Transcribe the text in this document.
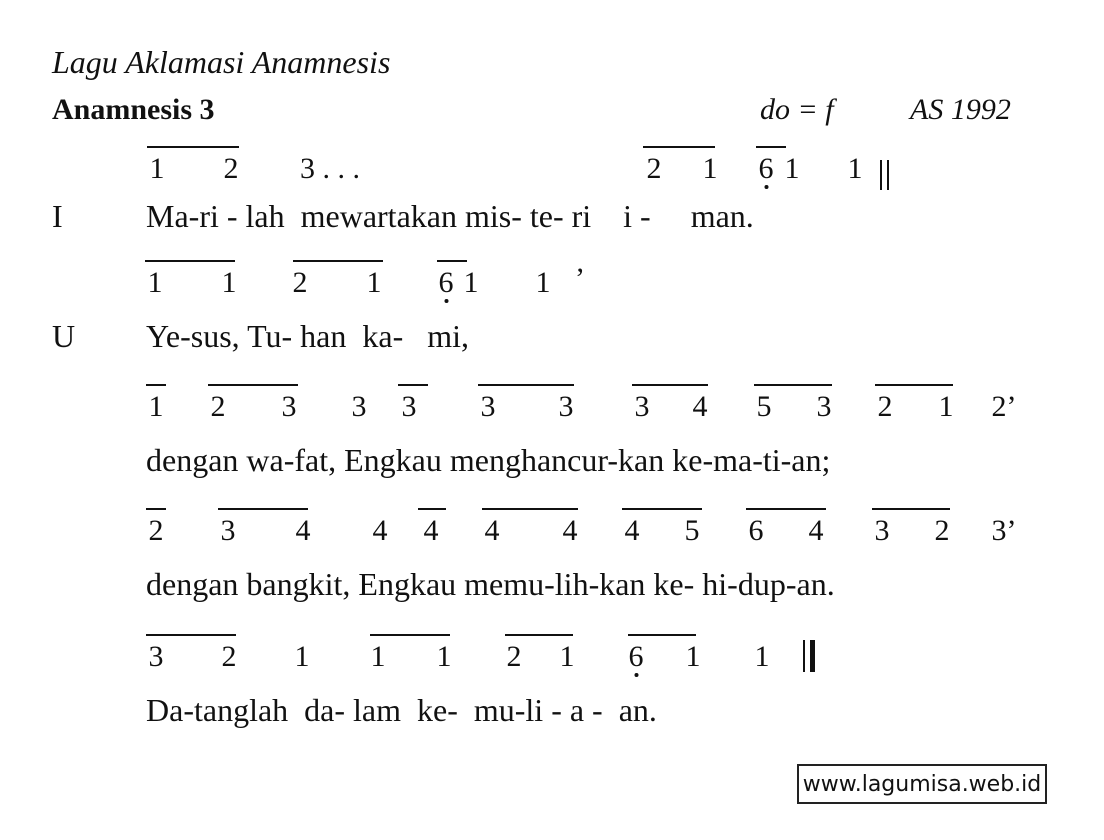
Lagu Aklamasi Anamnesis
Anamnesis 3	do = f	AS 1992
1 2 3 . . .	2 1 6 1 1
I	Ma-ri - lah  mewartakan mis- te- ri    i -     man.
1 1 2 1 6 1 1 ’
U Ye-sus, Tu- han  ka-   mi,
1 2 3 3 3 3 3 3 4 5 3 2 1 2’
dengan wa-fat, Engkau menghancur-kan ke-ma-ti-an;
2 3 4 4 4 4 4 4 5 6 4 3 2 3’
dengan bangkit, Engkau memu-lih-kan ke- hi-dup-an.
3 2 1 1 1 2 1 6 1 1
Da-tanglah  da- lam  ke-  mu-li - a -  an.
www.lagumisa.web.id
